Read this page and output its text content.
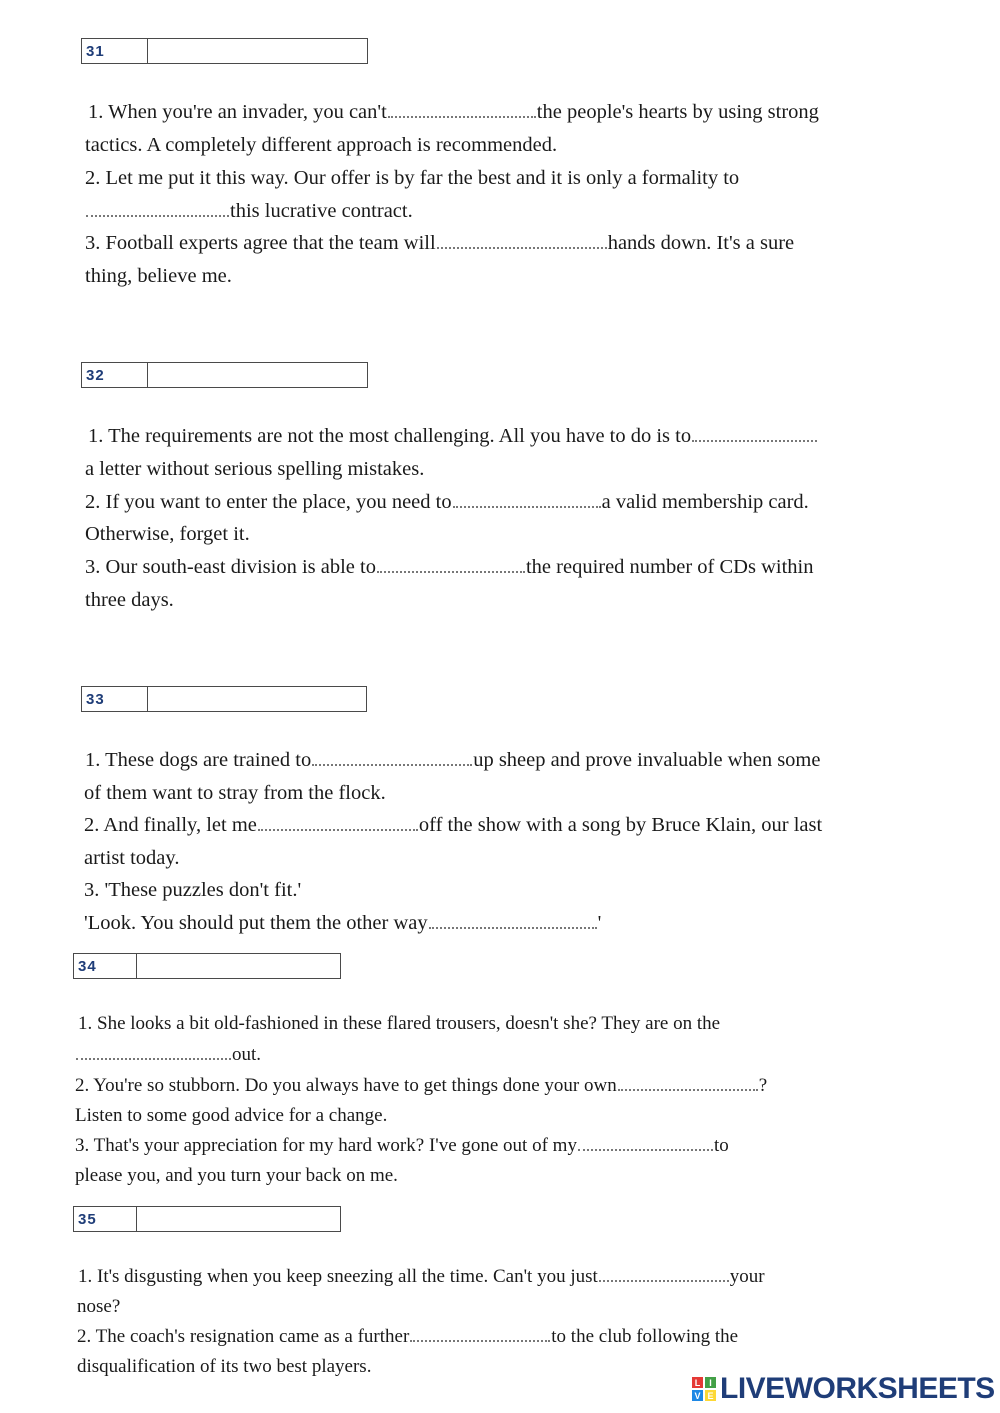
31
1. When you're an invader, you can't	the people's hearts by using strong
tactics. A completely different approach is recommended.
2. Let me put it this way. Our offer is by far the best and it is only a formality to
this lucrative contract.
3. Football experts agree that the team will	hands down. It's a sure
thing, believe me.
32
1. The requirements are not the most challenging. All you have to do is to
a letter without serious spelling mistakes.
2. If you want to enter the place, you need to	a valid membership card.
Otherwise, forget it.
3. Our south-east division is able to	the required number of CDs within
three days.
33
1. These dogs are trained to	up sheep and prove invaluable when some
of them want to stray from the flock.
2. And finally, let me	off the show with a song by Bruce Klain, our last
artist today.
3. 'These puzzles don't fit.'
'Look. You should put them the other way	'
34
1. She looks a bit old-fashioned in these flared trousers, doesn't she? They are on the
out.
2. You're so stubborn. Do you always have to get things done your own	?
Listen to some good advice for a change.
3. That's your appreciation for my hard work? I've gone out of my	to
please you, and you turn your back on me.
35
1. It's disgusting when you keep sneezing all the time. Can't you just	your
nose?
2. The coach's resignation came as a further	to the club following the
disqualification of its two best players.
L I
V E LIVEWORKSHEETS
